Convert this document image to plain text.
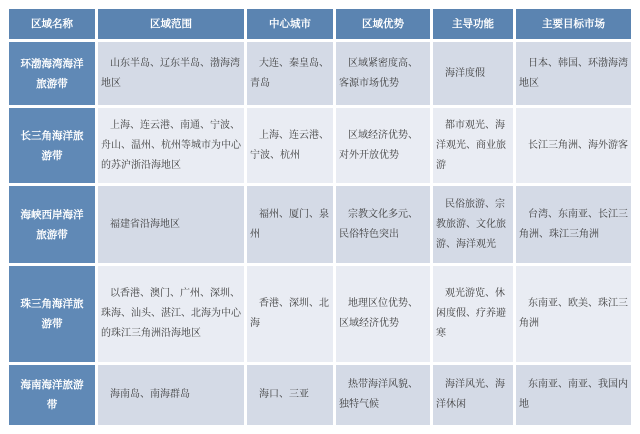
区域名称	区域范围	中心城市	区域优势	主导功能	主要目标市场
环渤海湾海洋旅游带	山东半岛、辽东半岛、渤海湾地区	大连、秦皇岛、青岛	区域紧密度高、客源市场优势	海洋度假	日本、韩国、环渤海湾地区
长三角海洋旅游带	上海、连云港、南通、宁波、舟山、温州、杭州等城市为中心的苏沪浙沿海地区	上海、连云港、宁波、杭州	区域经济优势、对外开放优势	都市观光、海洋观光、商业旅游	长江三角洲、海外游客
海峡西岸海洋旅游带	福建省沿海地区	福州、厦门、泉州	宗教文化多元、民俗特色突出	民俗旅游、宗教旅游、文化旅游、海洋观光	台湾、东南亚、长江三角洲、珠江三角洲
珠三角海洋旅游带	以香港、澳门、广州、深圳、珠海、汕头、湛江、北海为中心的珠江三角洲沿海地区	香港、深圳、北海	地理区位优势、区域经济优势	观光游览、休闲度假、疗养避寒	东南亚、欧美、珠江三角洲
海南海洋旅游带	海南岛、南海群岛	海口、三亚	热带海洋风貌、独特气候	海洋风光、海洋休闲	东南亚、南亚、我国内地
